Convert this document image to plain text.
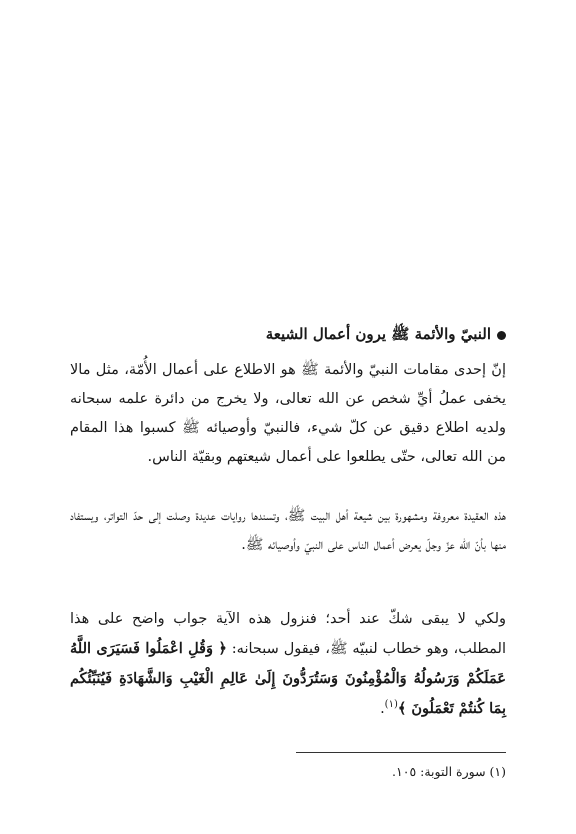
النبيّ والأئمة ﷺ يرون أعمال الشيعة
إنّ إحدى مقامات النبيّ والأئمة ﷺ هو الاطلاع على أعمال الأُمّة، مثل مالا يخفى عملُ أيِّ شخص عن الله تعالى، ولا يخرج من دائرة علمه سبحانه ولديه اطلاع دقيق عن كلّ شيء، فالنبيّ وأوصيائه ﷺ كسبوا هذا المقام من الله تعالى، حتّى يطلعوا على أعمال شيعتهم وبقيّة الناس.
هذه العقيدة معروفة ومشهورة بين شيعة أهل البيت ﷺ، وتسندها روايات عديدة وصلت إلى حدّ التواتر، ويستفاد منها بأنّ الله عزّ وجلّ يعرض أعمال الناس على النبيّ وأوصيائه ﷺ.
ولكي لا يبقى شكّ عند أحد؛ فنزول هذه الآية جواب واضح على هذا المطلب، وهو خطاب لنبيّه ﷺ، فيقول سبحانه: ﴿ وَقُلِ اعْمَلُوا فَسَيَرَى اللَّهُ عَمَلَكُمْ وَرَسُولُهُ وَالْمُؤْمِنُونَ وَسَتُرَدُّونَ إِلَىٰ عَالِمِ الْغَيْبِ وَالشَّهَادَةِ فَيُنَبِّئُكُم بِمَا كُنتُمْ تَعْمَلُونَ ﴾$^{(١)}$.
(١) سورة التوبة: ١٠٥.
